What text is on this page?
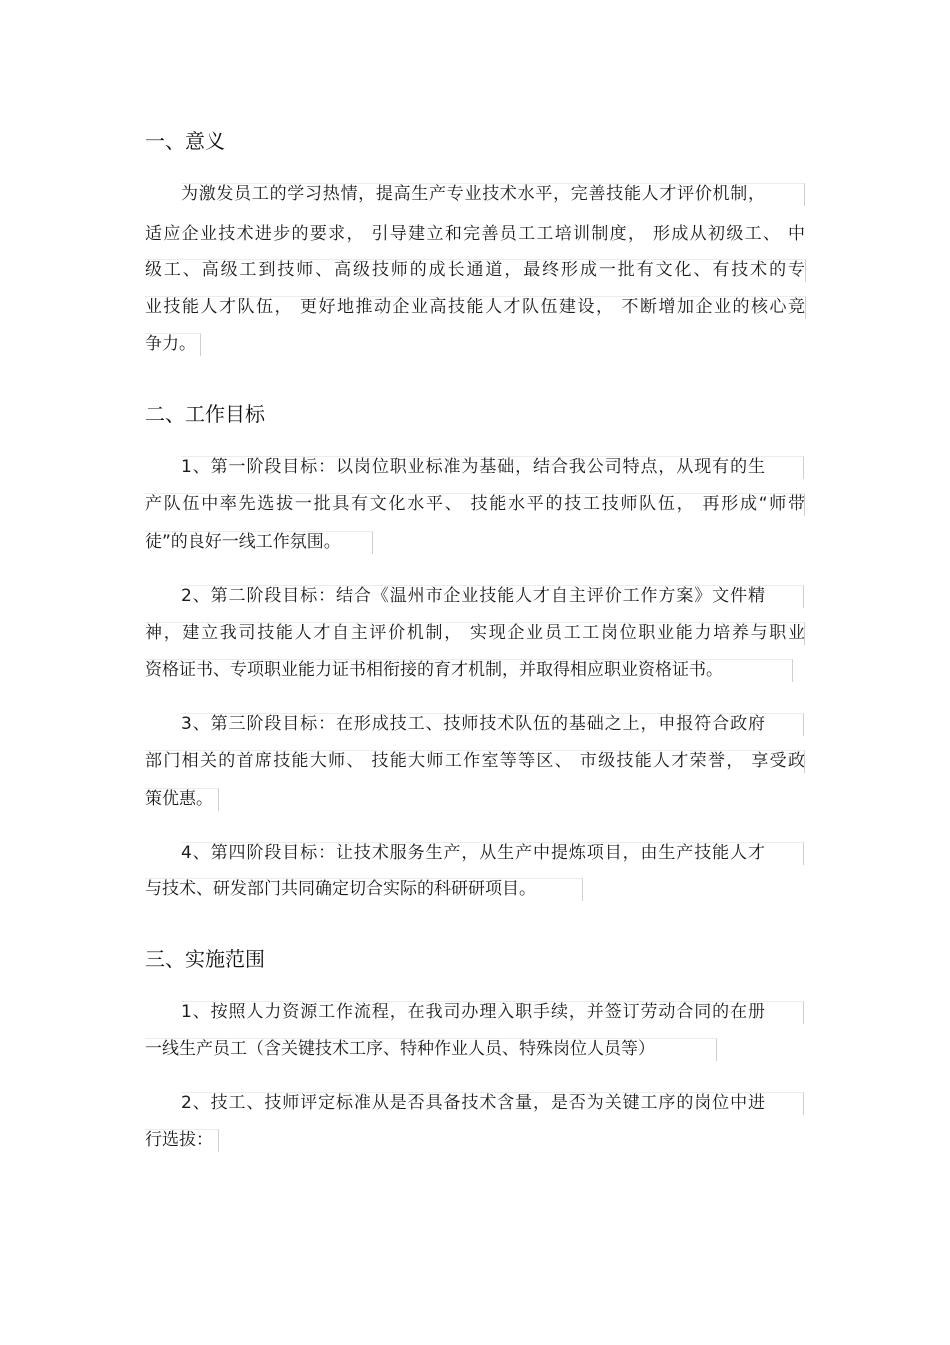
一、意义
为激发员工的学习热情，提高生产专业技术水平，完善技能人才评价机制，
适应企业技术进步的要求， 引导建立和完善员工工培训制度， 形成从初级工、 中
级工、高级工到技师、高级技师的成长通道，最终形成一批有文化、有技术的专
业技能人才队伍， 更好地推动企业高技能人才队伍建设， 不断增加企业的核心竞
争力。
二、工作目标
1、第一阶段目标：以岗位职业标准为基础，结合我公司特点，从现有的生
产队伍中率先选拔一批具有文化水平、 技能水平的技工技师队伍， 再形成“师带
徒”的良好一线工作氛围。
2、第二阶段目标：结合《温州市企业技能人才自主评价工作方案》文件精
神，建立我司技能人才自主评价机制， 实现企业员工工岗位职业能力培养与职业
资格证书、专项职业能力证书相衔接的育才机制，并取得相应职业资格证书。
3、第三阶段目标：在形成技工、技师技术队伍的基础之上，申报符合政府
部门相关的首席技能大师、 技能大师工作室等等区、 市级技能人才荣誉， 享受政
策优惠。
4、第四阶段目标：让技术服务生产，从生产中提炼项目，由生产技能人才
与技术、研发部门共同确定切合实际的科研研项目。
三、实施范围
1、按照人力资源工作流程，在我司办理入职手续，并签订劳动合同的在册
一线生产员工（含关键技术工序、特种作业人员、特殊岗位人员等）
2、技工、技师评定标准从是否具备技术含量，是否为关键工序的岗位中进
行选拔：
